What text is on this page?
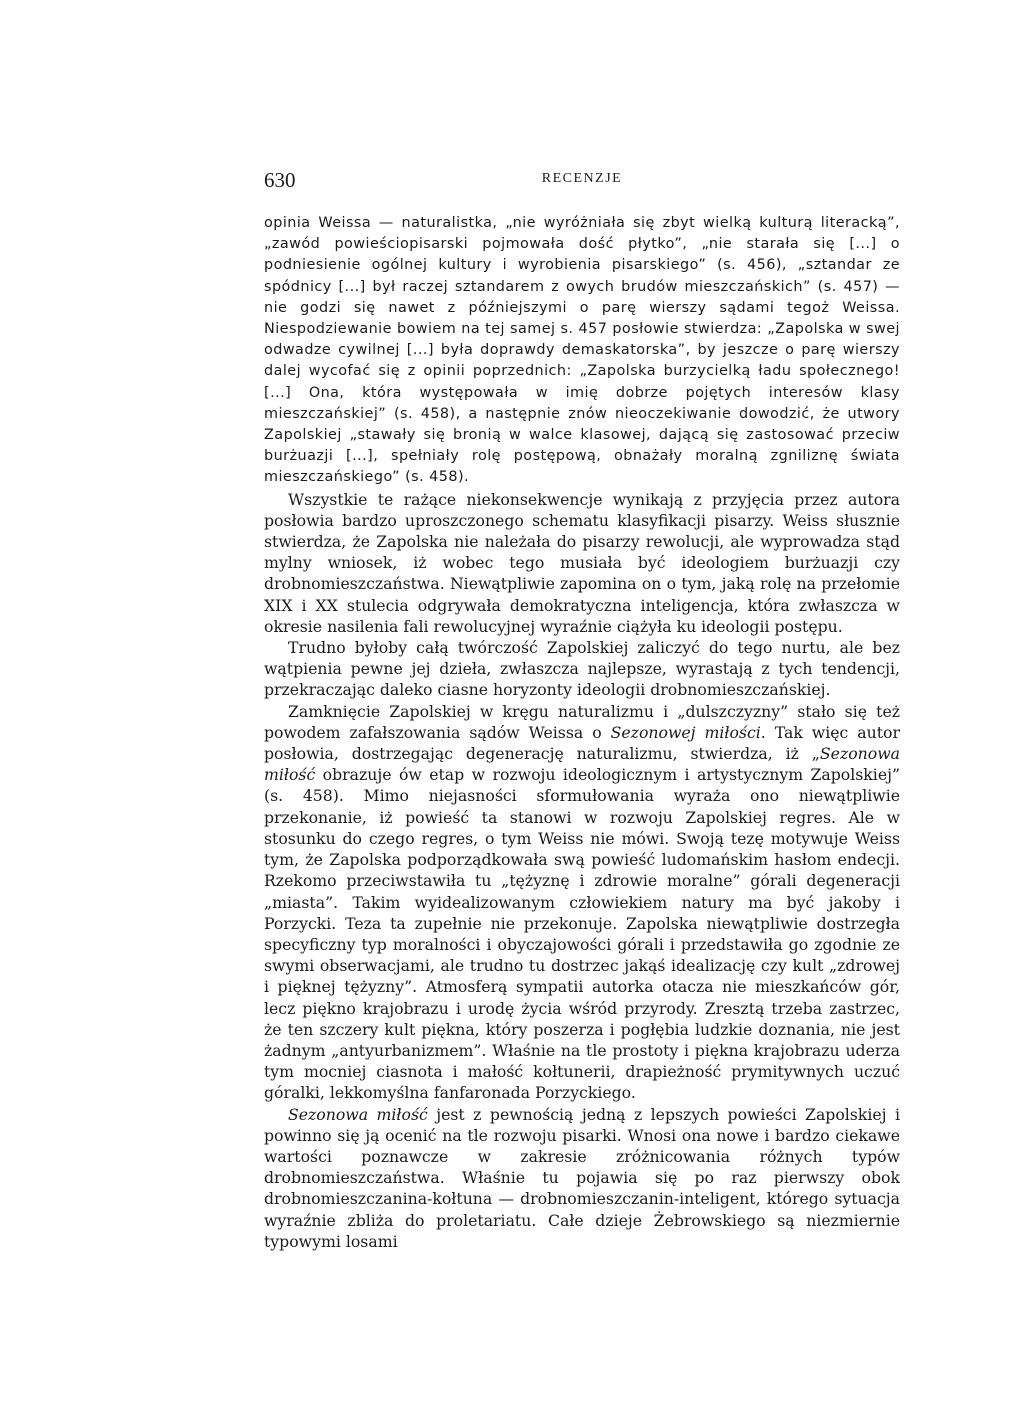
630	RECENZJE

opinia Weissa — naturalistka, „nie wyróżniała się zbyt wielką kulturą literacką”, „zawód powieściopisarski pojmowała dość płytko”, „nie starała się [...] o podniesienie ogólnej kultury i wyrobienia pisarskiego” (s. 456), „sztandar ze spódnicy [...] był raczej sztandarem z owych brudów mieszczańskich” (s. 457) — nie godzi się nawet z późniejszymi o parę wierszy sądami tegoż Weissa. Niespodziewanie bowiem na tej samej s. 457 posłowie stwierdza: „Zapolska w swej odwadze cywilnej [...] była doprawdy demaskatorska”, by jeszcze o parę wierszy dalej wycofać się z opinii poprzednich: „Zapolska burzycielką ładu społecznego! [...] Ona, która występowała w imię dobrze pojętych interesów klasy mieszczańskiej” (s. 458), a następnie znów nieoczekiwanie dowodzić, że utwory Zapolskiej „stawały się bronią w walce klasowej, dającą się zastosować przeciw burżuazji [...], spełniały rolę postępową, obnażały moralną zgniliznę świata mieszczańskiego” (s. 458).

Wszystkie te rażące niekonsekwencje wynikają z przyjęcia przez autora posłowia bardzo uproszczonego schematu klasyfikacji pisarzy. Weiss słusznie stwierdza, że Zapolska nie należała do pisarzy rewolucji, ale wyprowadza stąd mylny wniosek, iż wobec tego musiała być ideologiem burżuazji czy drobnomieszczaństwa. Niewątpliwie zapomina on o tym, jaką rolę na przełomie XIX i XX stulecia odgrywała demokratyczna inteligencja, która zwłaszcza w okresie nasilenia fali rewolucyjnej wyraźnie ciążyła ku ideologii postępu.

Trudno byłoby całą twórczość Zapolskiej zaliczyć do tego nurtu, ale bez wątpienia pewne jej dzieła, zwłaszcza najlepsze, wyrastają z tych tendencji, przekraczając daleko ciasne horyzonty ideologii drobnomieszczańskiej.

Zamknięcie Zapolskiej w kręgu naturalizmu i „dulszczyzny” stało się też powodem zafałszowania sądów Weissa o Sezonowej miłości. Tak więc autor posłowia, dostrzegając degenerację naturalizmu, stwierdza, iż „Sezonowa miłość obrazuje ów etap w rozwoju ideologicznym i artystycznym Zapolskiej” (s. 458). Mimo niejasności sformułowania wyraża ono niewątpliwie przekonanie, iż powieść ta stanowi w rozwoju Zapolskiej regres. Ale w stosunku do czego regres, o tym Weiss nie mówi. Swoją tezę motywuje Weiss tym, że Zapolska podporządkowała swą powieść ludomańskim hasłom endecji. Rzekomo przeciwstawiła tu „tężyznę i zdrowie moralne” górali degeneracji „miasta”. Takim wyidealizowanym człowiekiem natury ma być jakoby i Porzycki. Teza ta zupełnie nie przekonuje. Zapolska niewątpliwie dostrzegła specyficzny typ moralności i obyczajowości górali i przedstawiła go zgodnie ze swymi obserwacjami, ale trudno tu dostrzec jakąś idealizację czy kult „zdrowej i pięknej tężyzny”. Atmosferą sympatii autorka otacza nie mieszkańców gór, lecz piękno krajobrazu i urodę życia wśród przyrody. Zresztą trzeba zastrzec, że ten szczery kult piękna, który poszerza i pogłębia ludzkie doznania, nie jest żadnym „antyurbanizmem”. Właśnie na tle prostoty i piękna krajobrazu uderza tym mocniej ciasnota i małość kołtunerii, drapieżność prymitywnych uczuć góralki, lekkomyślna fanfaronada Porzyckiego.

Sezonowa miłość jest z pewnością jedną z lepszych powieści Zapolskiej i powinno się ją ocenić na tle rozwoju pisarki. Wnosi ona nowe i bardzo ciekawe wartości poznawcze w zakresie zróżnicowania różnych typów drobnomieszczaństwa. Właśnie tu pojawia się po raz pierwszy obok drobnomieszczanina-kołtuna — drobnomieszczanin-inteligent, którego sytuacja wyraźnie zbliża do proletariatu. Całe dzieje Żebrowskiego są niezmiernie typowymi losami
